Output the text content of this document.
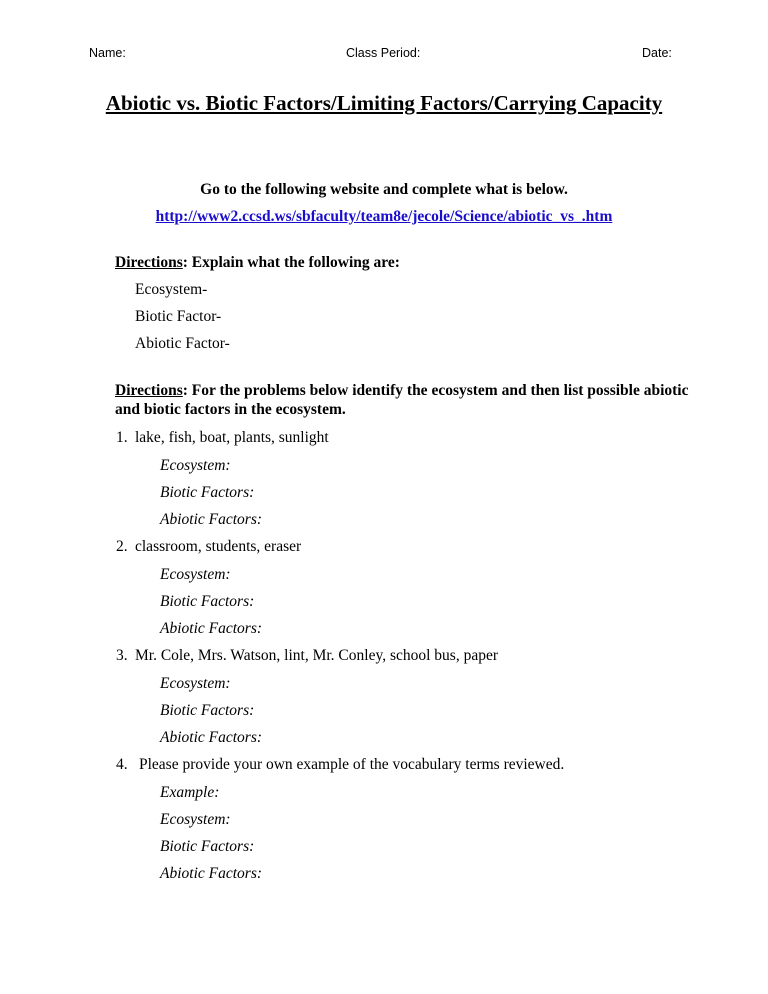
Name:	Class Period:	Date:
Abiotic vs. Biotic Factors/Limiting Factors/Carrying Capacity
Go to the following website and complete what is below.
http://www2.ccsd.ws/sbfaculty/team8e/jecole/Science/abiotic_vs_.htm
Directions: Explain what the following are:
Ecosystem-
Biotic Factor-
Abiotic Factor-
Directions: For the problems below identify the ecosystem and then list possible abiotic
and biotic factors in the ecosystem.
1. lake, fish, boat, plants, sunlight
Ecosystem:
Biotic Factors:
Abiotic Factors:
2. classroom, students, eraser
Ecosystem:
Biotic Factors:
Abiotic Factors:
3. Mr. Cole, Mrs. Watson, lint, Mr. Conley, school bus, paper
Ecosystem:
Biotic Factors:
Abiotic Factors:
4. Please provide your own example of the vocabulary terms reviewed.
Example:
Ecosystem:
Biotic Factors:
Abiotic Factors:
